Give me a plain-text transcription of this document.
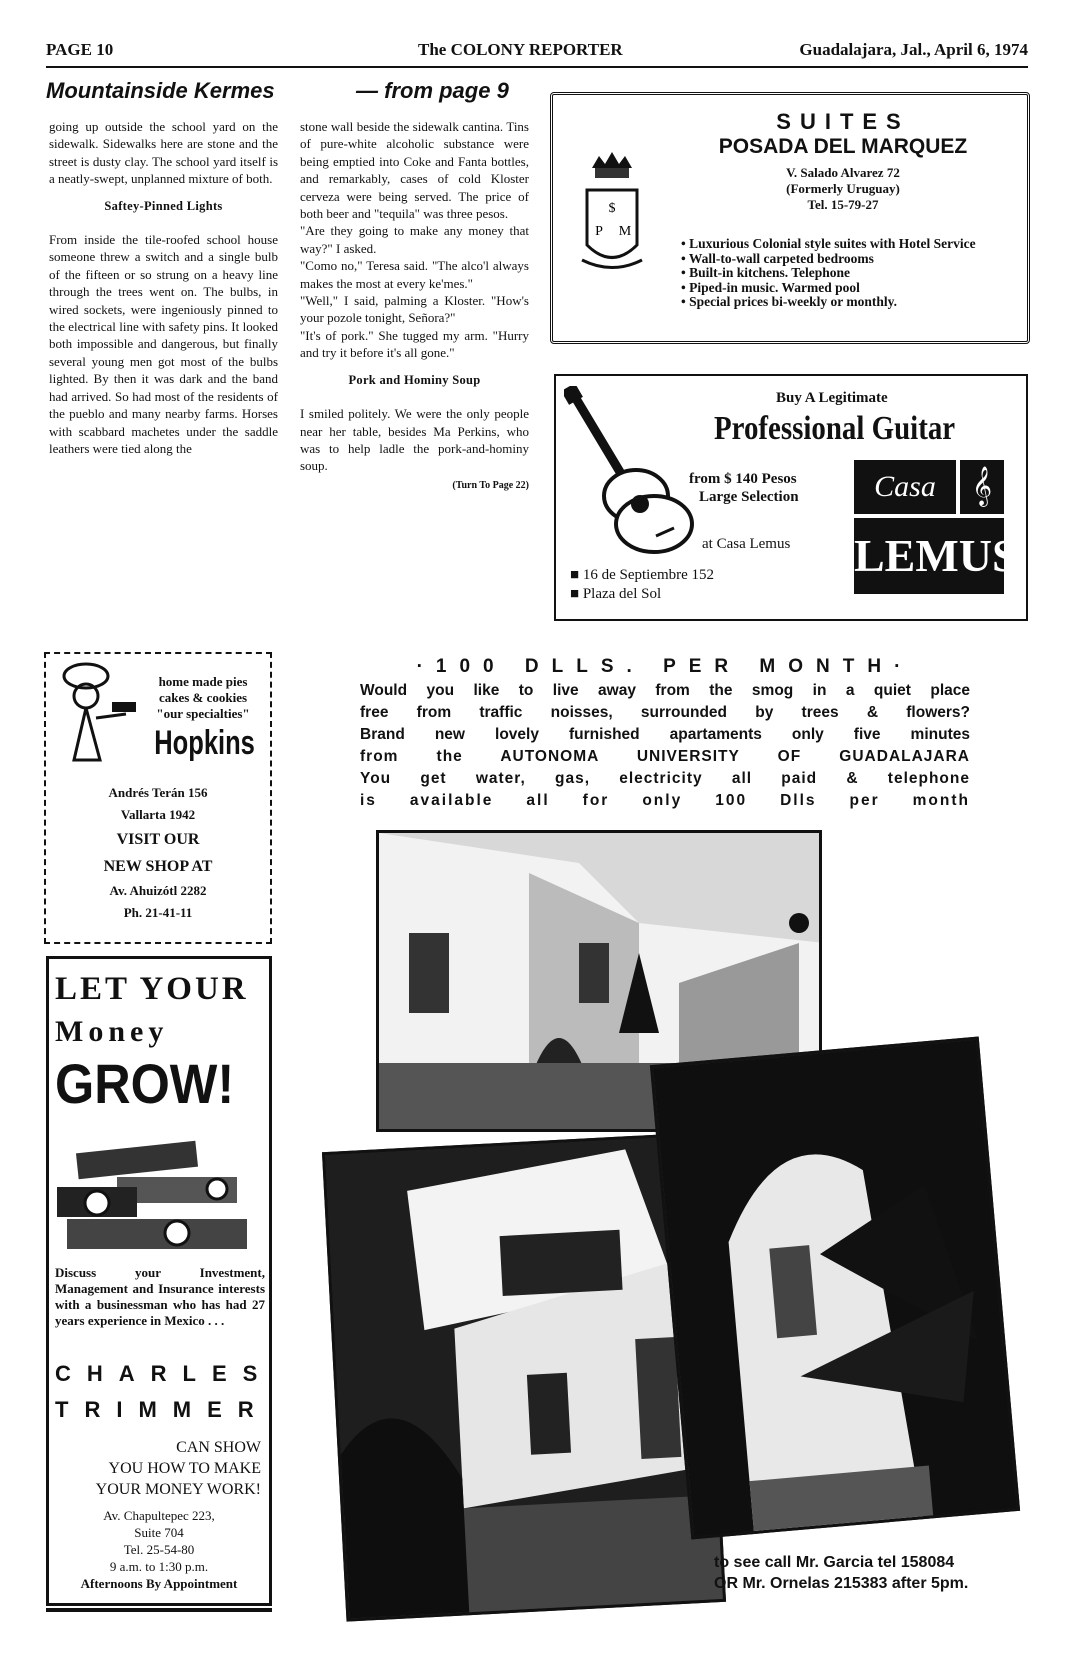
PAGE 10	The COLONY REPORTER	Guadalajara, Jal., April 6, 1974
Mountainside Kermes	— from page 9

going up outside the school yard on the sidewalk. Sidewalks here are stone and the street is dusty clay. The school yard itself is a neatly-swept, unplanned mixture of both.

Saftey-Pinned Lights

From inside the tile-roofed school house someone threw a switch and a single bulb of the fifteen or so strung on a heavy line through the trees went on. The bulbs, in wired sockets, were ingeniously pinned to the electrical line with safety pins. It looked both impossible and dangerous, but finally several young men got most of the bulbs lighted. By then it was dark and the band had arrived. So had most of the residents of the pueblo and many nearby farms. Horses with scabbard machetes under the saddle leathers were tied along the

stone wall beside the sidewalk cantina. Tins of pure-white alcoholic substance were being emptied into Coke and Fanta bottles, and remarkably, cases of cold Kloster cerveza were being served. The price of both beer and "tequila" was three pesos.

"Are they going to make any money that way?" I asked.

"Como no," Teresa said. "The alco'l always makes the most at every ke'mes."

"Well," I said, palming a Kloster. "How's your pozole tonight, Señora?"

"It's of pork." She tugged my arm. "Hurry and try it before it's all gone."

Pork and Hominy Soup

I smiled politely. We were the only people near her table, besides Ma Perkins, who was to help ladle the pork-and-hominy soup.

(Turn To Page 22)
$
P M
SUITES
POSADA DEL MARQUEZ
V. Salado Alvarez 72
(Formerly Uruguay)
Tel. 15-79-27
• Luxurious Colonial style suites with Hotel Service
• Wall-to-wall carpeted bedrooms
• Built-in kitchens. Telephone
• Piped-in music. Warmed pool
• Special prices bi-weekly or monthly.
Buy A Legitimate
Professional Guitar
from $ 140 Pesos
Large Selection
at Casa Lemus
■ 16 de Septiembre 152
■ Plaza del Sol
Casa	𝄞
LEMUS
home made pies
cakes & cookies
"our specialties"
Hopkins
Andrés Terán 156
Vallarta 1942
VISIT OUR
NEW SHOP AT
Av. Ahuizótl 2282
Ph. 21-41-11
LET YOUR
Money
GROW!
Discuss your Investment, Management and Insurance interests with a businessman who has had 27 years experience in Mexico . . .
CHARLES
TRIMMER
CAN SHOW
YOU HOW TO MAKE
YOUR MONEY WORK!
Av. Chapultepec 223,
Suite 704
Tel. 25-54-80
9 a.m. to 1:30 p.m.
Afternoons By Appointment
·100 DLLS. PER MONTH·
Would you like to live away from the smog in a quiet place
free from traffic noisses, surrounded by trees & flowers?
Brand new lovely furnished apartaments only five minutes
from the AUTONOMA UNIVERSITY OF GUADALAJARA
You get water, gas, electricity all paid & telephone
is available all for only 100 Dlls per month
to see call Mr. Garcia tel 158084
OR Mr. Ornelas 215383 after 5pm.
